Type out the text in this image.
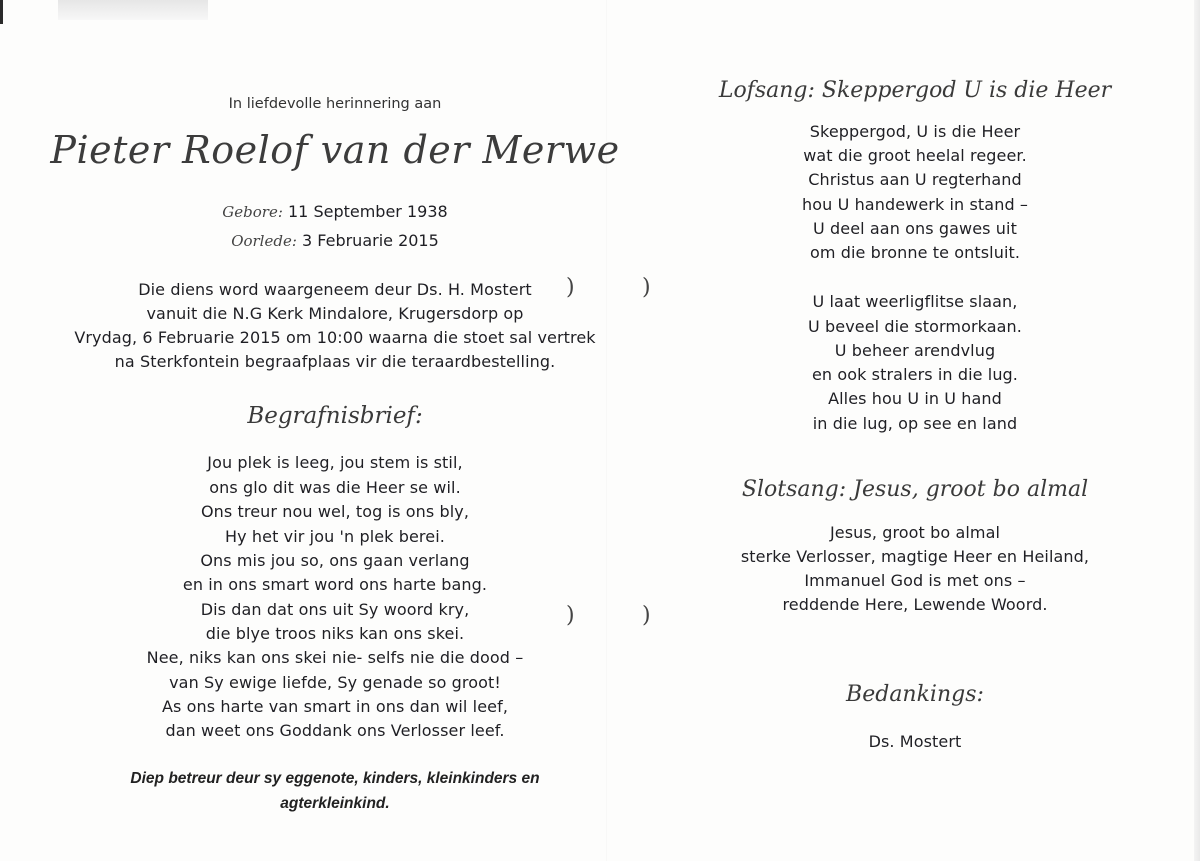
)	)
)	)
In liefdevolle herinnering aan
Pieter Roelof van der Merwe
Gebore: 11 September 1938
Oorlede: 3 Februarie 2015
Die diens word waargeneem deur Ds. H. Mostert
vanuit die N.G Kerk Mindalore, Krugersdorp op
Vrydag, 6 Februarie 2015 om 10:00 waarna die stoet sal vertrek
na Sterkfontein begraafplaas vir die teraardbestelling.
Begrafnisbrief:
Jou plek is leeg, jou stem is stil,
ons glo dit was die Heer se wil.
Ons treur nou wel, tog is ons bly,
Hy het vir jou 'n plek berei.
Ons mis jou so, ons gaan verlang
en in ons smart word ons harte bang.
Dis dan dat ons uit Sy woord kry,
die blye troos niks kan ons skei.
Nee, niks kan ons skei nie- selfs nie die dood –
van Sy ewige liefde, Sy genade so groot!
As ons harte van smart in ons dan wil leef,
dan weet ons Goddank ons Verlosser leef.
Diep betreur deur sy eggenote, kinders, kleinkinders en
agterkleinkind.
Lofsang: Skeppergod U is die Heer
Skeppergod, U is die Heer
wat die groot heelal regeer.
Christus aan U regterhand
hou U handewerk in stand –
U deel aan ons gawes uit
om die bronne te ontsluit.
U laat weerligflitse slaan,
U beveel die stormorkaan.
U beheer arendvlug
en ook stralers in die lug.
Alles hou U in U hand
in die lug, op see en land
Slotsang: Jesus, groot bo almal
Jesus, groot bo almal
sterke Verlosser, magtige Heer en Heiland,
Immanuel God is met ons –
reddende Here, Lewende Woord.
Bedankings:
Ds. Mostert
